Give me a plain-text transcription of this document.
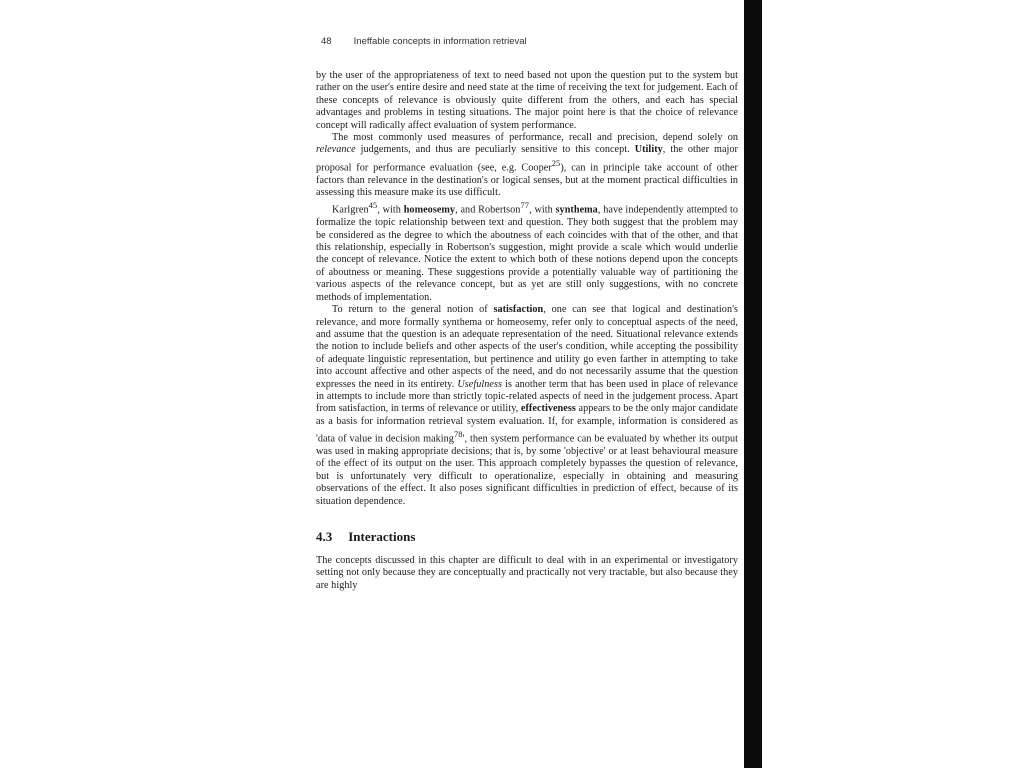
48 Ineffable concepts in information retrieval

by the user of the appropriateness of text to need based not upon the question put to the system but rather on the user's entire desire and need state at the time of receiving the text for judgement. Each of these concepts of relevance is obviously quite different from the others, and each has special advantages and problems in testing situations. The major point here is that the choice of relevance concept will radically affect evaluation of system performance.

The most commonly used measures of performance, recall and precision, depend solely on relevance judgements, and thus are peculiarly sensitive to this concept. Utility, the other major proposal for performance evaluation (see, e.g. Cooper$^{25}$), can in principle take account of other factors than relevance in the destination's or logical senses, but at the moment practical difficulties in assessing this measure make its use difficult.

Karlgren$^{45}$, with homeosemy, and Robertson$^{77}$, with synthema, have independently attempted to formalize the topic relationship between text and question. They both suggest that the problem may be considered as the degree to which the aboutness of each coincides with that of the other, and that this relationship, especially in Robertson's suggestion, might provide a scale which would underlie the concept of relevance. Notice the extent to which both of these notions depend upon the concepts of aboutness or meaning. These suggestions provide a potentially valuable way of partitioning the various aspects of the relevance concept, but as yet are still only suggestions, with no concrete methods of implementation.

To return to the general notion of satisfaction, one can see that logical and destination's relevance, and more formally synthema or homeosemy, refer only to conceptual aspects of the need, and assume that the question is an adequate representation of the need. Situational relevance extends the notion to include beliefs and other aspects of the user's condition, while accepting the possibility of adequate linguistic representation, but pertinence and utility go even farther in attempting to take into account affective and other aspects of the need, and do not necessarily assume that the question expresses the need in its entirety. Usefulness is another term that has been used in place of relevance in attempts to include more than strictly topic-related aspects of need in the judgement process. Apart from satisfaction, in terms of relevance or utility, effectiveness appears to be the only major candidate as a basis for information retrieval system evaluation. If, for example, information is considered as 'data of value in decision making$^{78}$', then system performance can be evaluated by whether its output was used in making appropriate decisions; that is, by some 'objective' or at least behavioural measure of the effect of its output on the user. This approach completely bypasses the question of relevance, but is unfortunately very difficult to operationalize, especially in obtaining and measuring observations of the effect. It also poses significant difficulties in prediction of effect, because of its situation dependence.

4.3 Interactions

The concepts discussed in this chapter are difficult to deal with in an experimental or investigatory setting not only because they are conceptually and practically not very tractable, but also because they are highly
